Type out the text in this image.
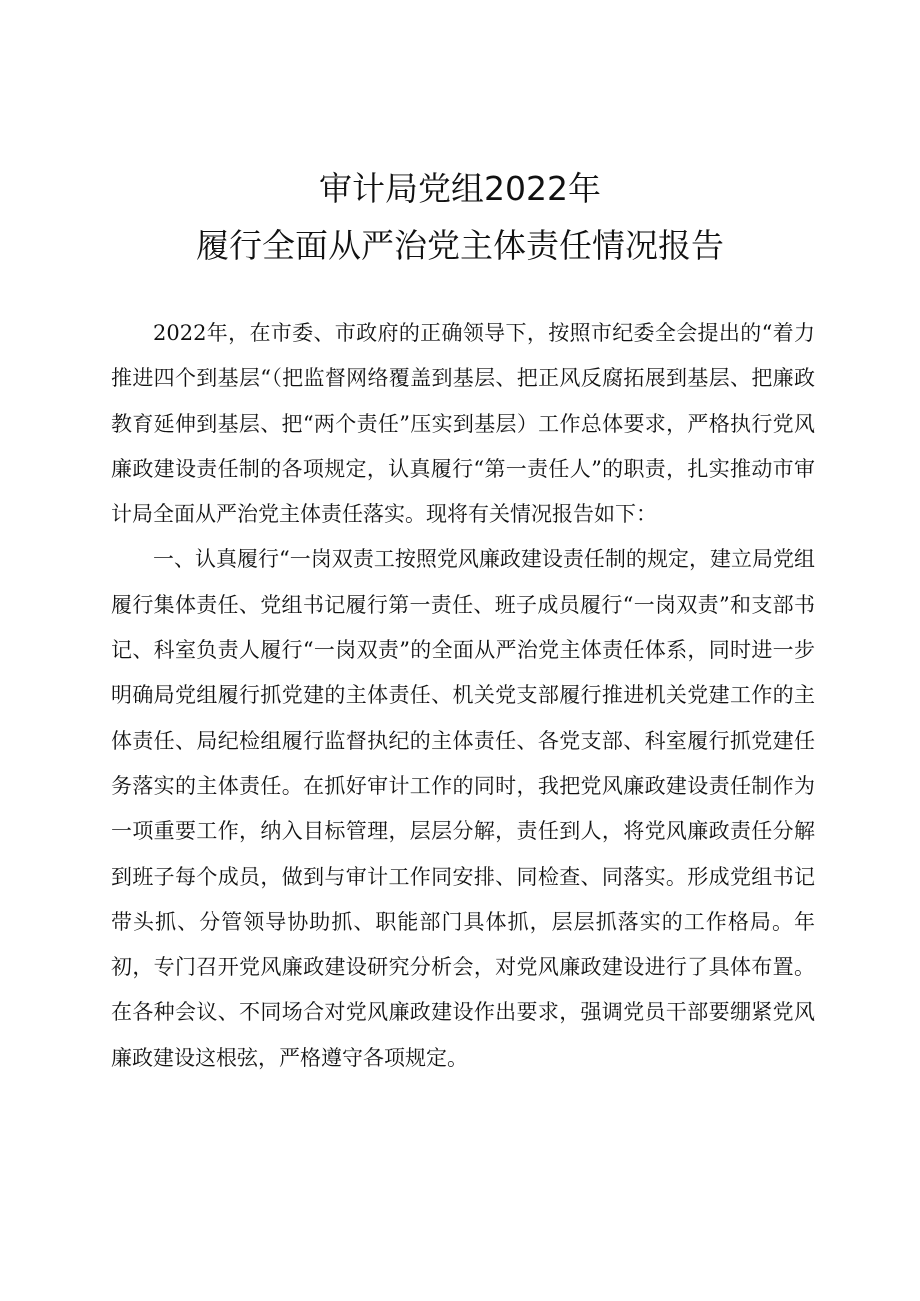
审计局党组2022年
履行全面从严治党主体责任情况报告

2022年，在市委、市政府的正确领导下，按照市纪委全会提出的“着力推进四个到基层“（把监督网络覆盖到基层、把正风反腐拓展到基层、把廉政教育延伸到基层、把“两个责任”压实到基层）工作总体要求，严格执行党风廉政建设责任制的各项规定，认真履行“第一责任人”的职责，扎实推动市审计局全面从严治党主体责任落实。现将有关情况报告如下：

一、认真履行“一岗双责工按照党风廉政建设责任制的规定，建立局党组履行集体责任、党组书记履行第一责任、班子成员履行“一岗双责”和支部书记、科室负责人履行“一岗双责”的全面从严治党主体责任体系，同时进一步明确局党组履行抓党建的主体责任、机关党支部履行推进机关党建工作的主体责任、局纪检组履行监督执纪的主体责任、各党支部、科室履行抓党建任务落实的主体责任。在抓好审计工作的同时，我把党风廉政建设责任制作为一项重要工作，纳入目标管理，层层分解，责任到人，将党风廉政责任分解到班子每个成员，做到与审计工作同安排、同检查、同落实。形成党组书记带头抓、分管领导协助抓、职能部门具体抓，层层抓落实的工作格局。年初，专门召开党风廉政建设研究分析会，对党风廉政建设进行了具体布置。在各种会议、不同场合对党风廉政建设作出要求，强调党员干部要绷紧党风廉政建设这根弦，严格遵守各项规定。
